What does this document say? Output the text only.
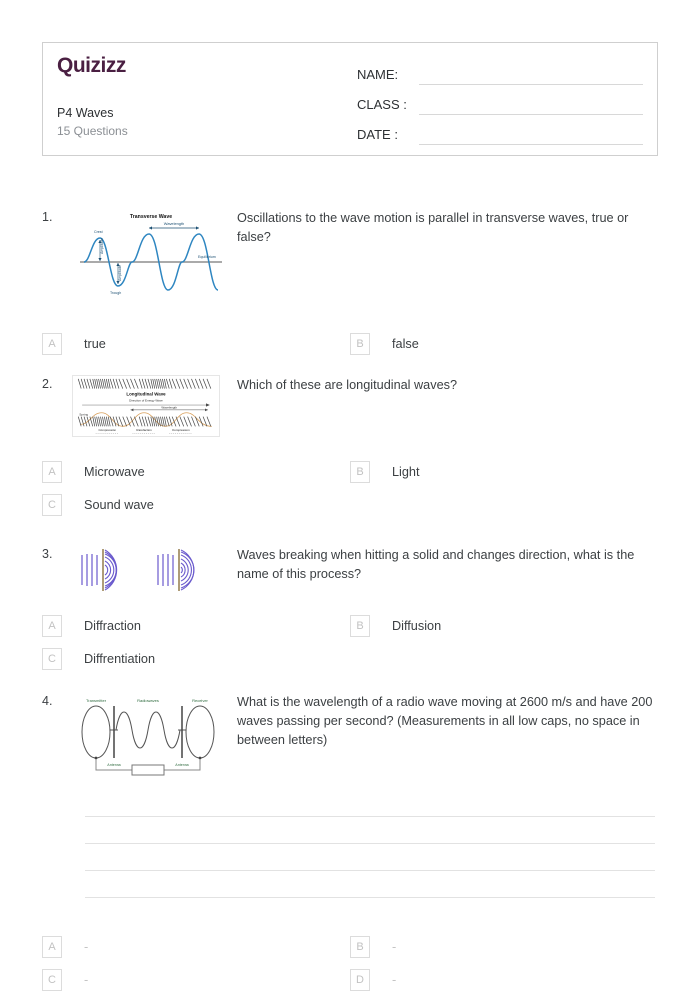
Quizizz
P4 Waves
15 Questions
NAME:
CLASS :
DATE :
1.	Transverse Wave
Amplitude
Crest
Amplitude
Trough
Wavelength
Equilibrium
Oscillations to the wave motion is parallel in transverse waves, true or false?
A	true	B	false
2.
Longitudinal Wave
Direction of Energy Wave
Wavelength
Spring
Compression	Rarefaction	Compression
Which of these are longitudinal waves?
A	Microwave	B	Light
C	Sound wave
3.	Waves breaking when hitting a solid and changes direction, what is the name of this process?
A	Diffraction	B	Diffusion
C	Diffrentiation
4.	Transmitter	Radiowaves	Receiver
Antenna	Antenna
What is the wavelength of a radio wave moving at 2600 m/s and have 200 waves passing per second? (Measurements in all low caps, no space in between letters)
A	-	B	-
C	-	D	-
